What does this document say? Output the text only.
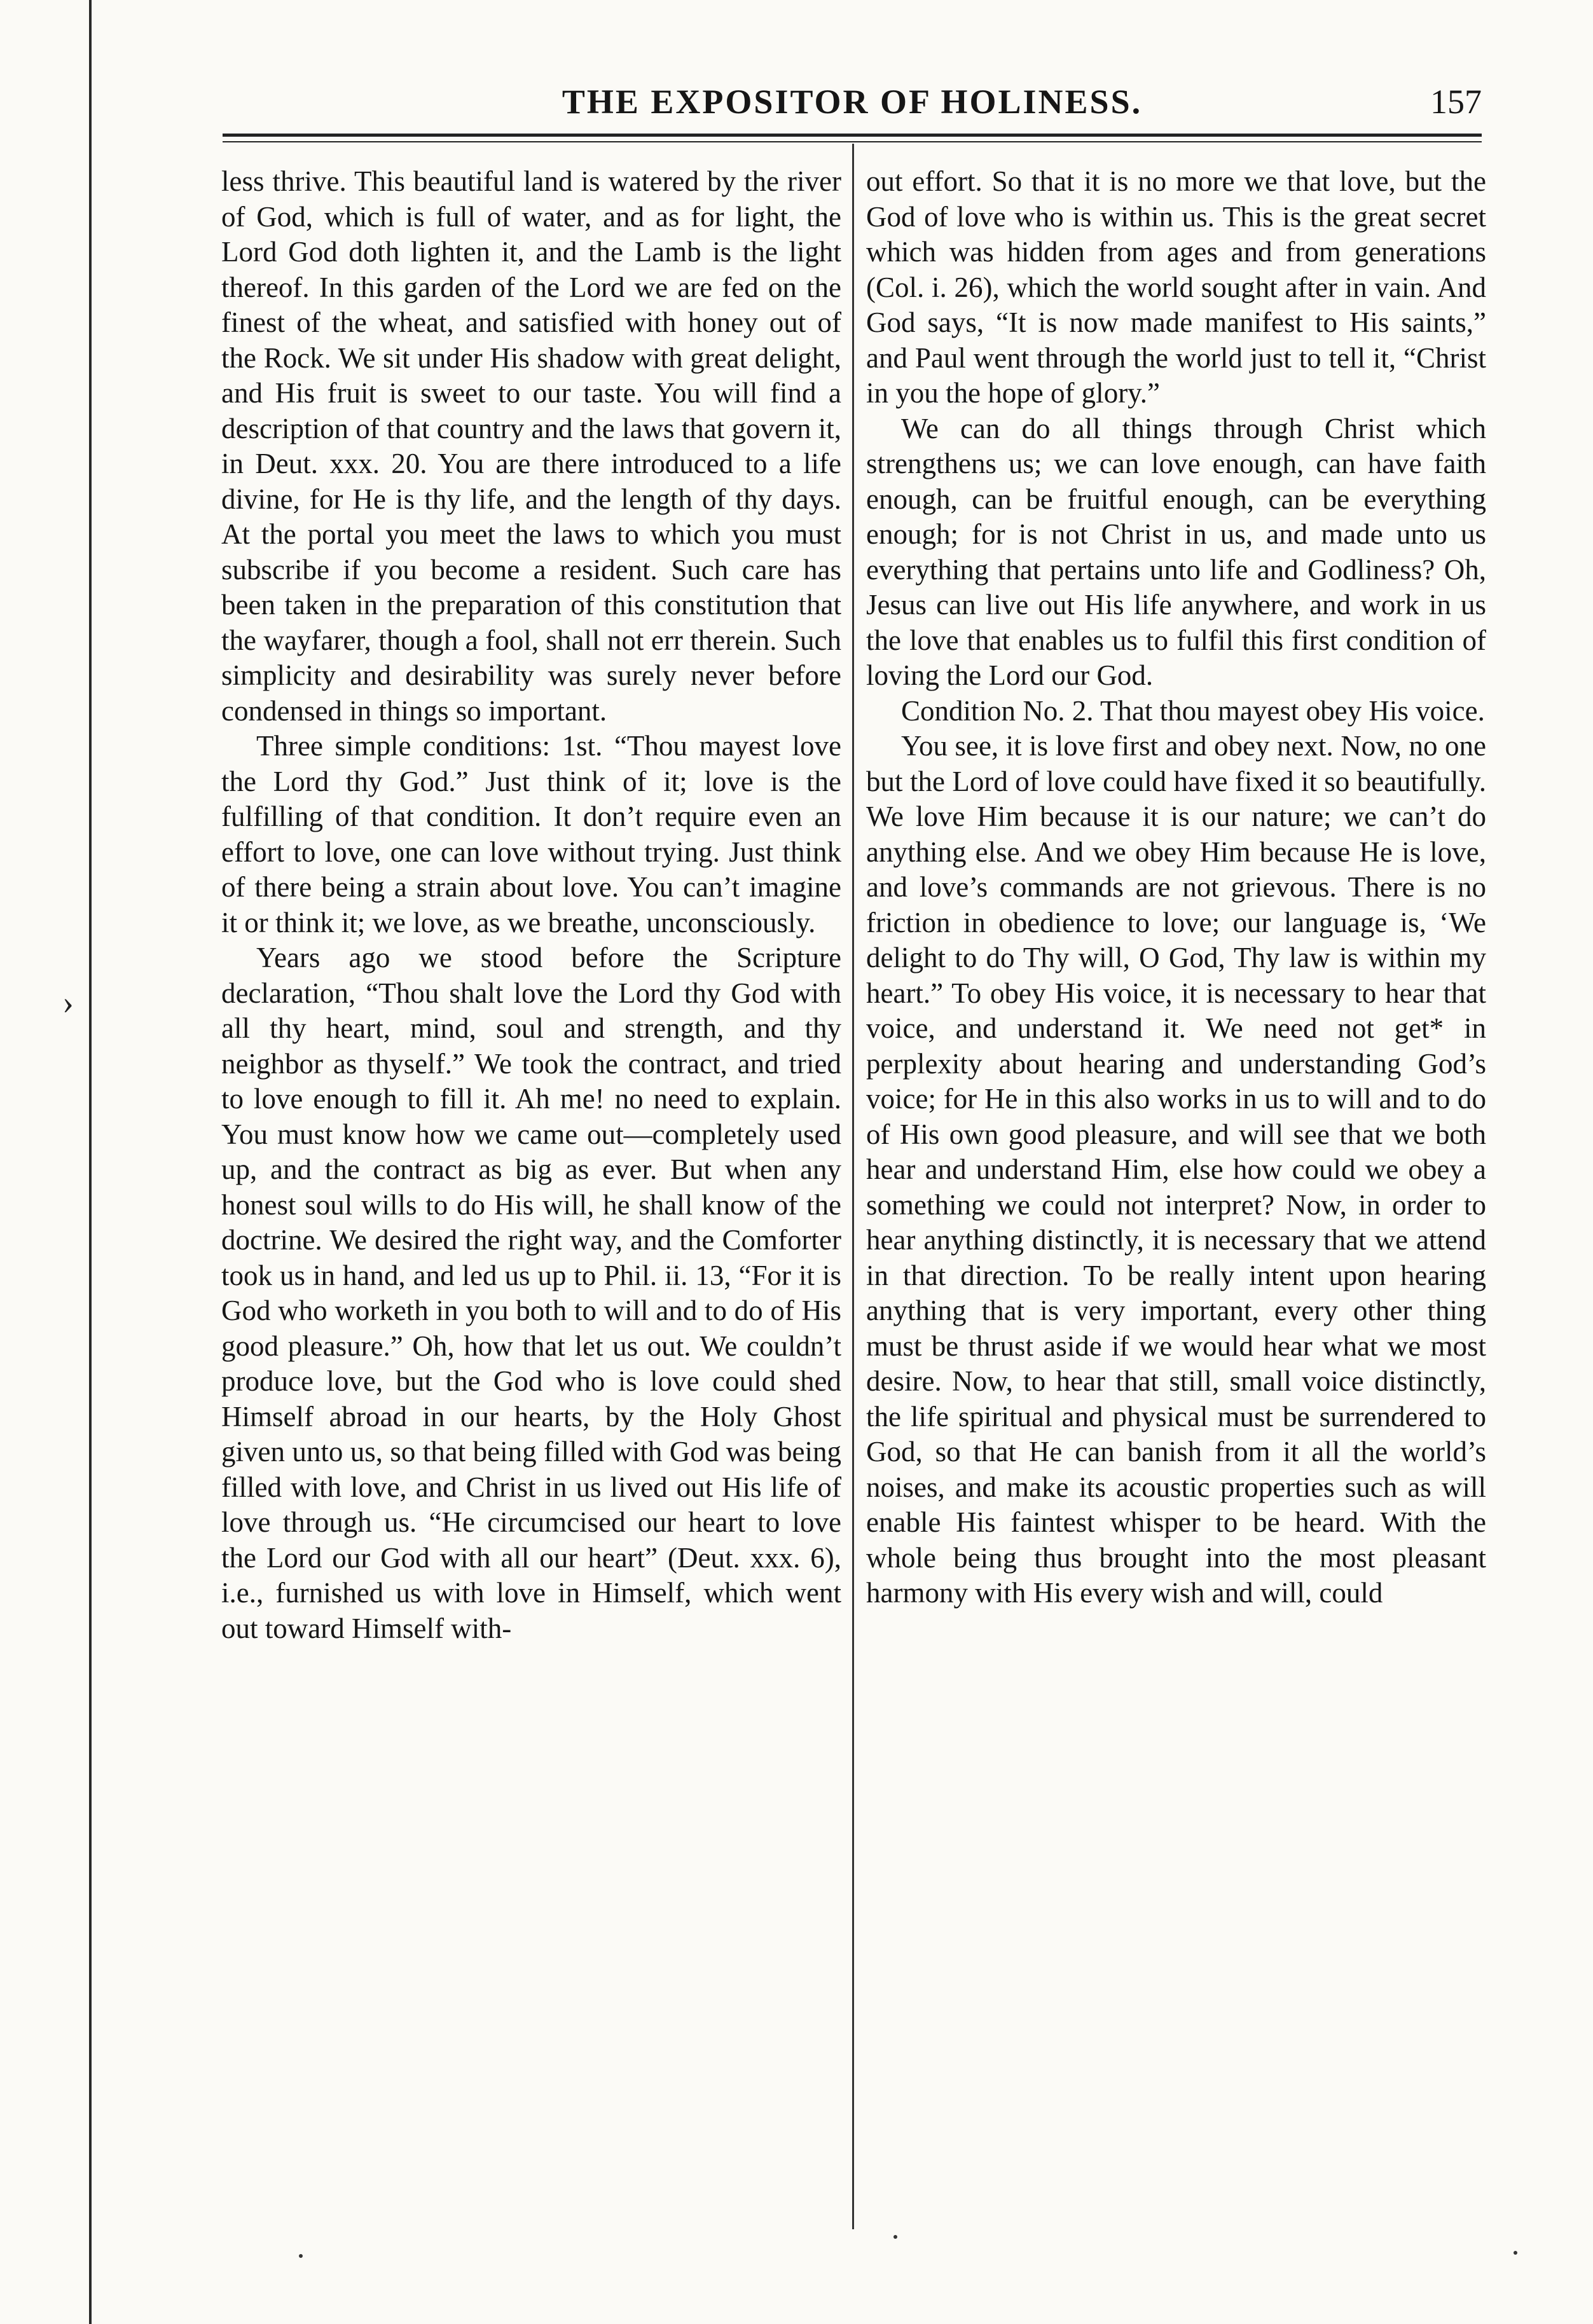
›
THE EXPOSITOR OF HOLINESS.	157

less thrive. This beautiful land is watered by the river of God, which is full of water, and as for light, the Lord God doth lighten it, and the Lamb is the light thereof. In this garden of the Lord we are fed on the finest of the wheat, and satisfied with honey out of the Rock. We sit under His shadow with great delight, and His fruit is sweet to our taste. You will find a description of that country and the laws that govern it, in Deut. xxx. 20. You are there introduced to a life divine, for He is thy life, and the length of thy days. At the portal you meet the laws to which you must subscribe if you become a resident. Such care has been taken in the preparation of this constitution that the wayfarer, though a fool, shall not err therein. Such simplicity and desirability was surely never before condensed in things so important.

Three simple conditions: 1st. “Thou mayest love the Lord thy God.” Just think of it; love is the fulfilling of that condition. It don’t require even an effort to love, one can love without trying. Just think of there being a strain about love. You can’t imagine it or think it; we love, as we breathe, unconsciously.

Years ago we stood before the Scripture declaration, “Thou shalt love the Lord thy God with all thy heart, mind, soul and strength, and thy neighbor as thyself.” We took the contract, and tried to love enough to fill it. Ah me! no need to explain. You must know how we came out—completely used up, and the contract as big as ever. But when any honest soul wills to do His will, he shall know of the doctrine. We desired the right way, and the Comforter took us in hand, and led us up to Phil. ii. 13, “For it is God who worketh in you both to will and to do of His good pleasure.” Oh, how that let us out. We couldn’t produce love, but the God who is love could shed Himself abroad in our hearts, by the Holy Ghost given unto us, so that being filled with God was being filled with love, and Christ in us lived out His life of love through us. “He circumcised our heart to love the Lord our God with all our heart” (Deut. xxx. 6), i.e., furnished us with love in Himself, which went out toward Himself with-

out effort. So that it is no more we that love, but the God of love who is within us. This is the great secret which was hidden from ages and from generations (Col. i. 26), which the world sought after in vain. And God says, “It is now made manifest to His saints,” and Paul went through the world just to tell it, “Christ in you the hope of glory.”

We can do all things through Christ which strengthens us; we can love enough, can have faith enough, can be fruitful enough, can be everything enough; for is not Christ in us, and made unto us everything that pertains unto life and Godliness? Oh, Jesus can live out His life anywhere, and work in us the love that enables us to fulfil this first condition of loving the Lord our God.

Condition No. 2. That thou mayest obey His voice.

You see, it is love first and obey next. Now, no one but the Lord of love could have fixed it so beautifully. We love Him because it is our nature; we can’t do anything else. And we obey Him because He is love, and love’s commands are not grievous. There is no friction in obedience to love; our language is, ‘We delight to do Thy will, O God, Thy law is within my heart.” To obey His voice, it is necessary to hear that voice, and understand it. We need not get* in perplexity about hearing and understanding God’s voice; for He in this also works in us to will and to do of His own good pleasure, and will see that we both hear and understand Him, else how could we obey a something we could not interpret? Now, in order to hear anything distinctly, it is necessary that we attend in that direction. To be really intent upon hearing anything that is very important, every other thing must be thrust aside if we would hear what we most desire. Now, to hear that still, small voice distinctly, the life spiritual and physical must be surrendered to God, so that He can banish from it all the world’s noises, and make its acoustic properties such as will enable His faintest whisper to be heard. With the whole being thus brought into the most pleasant harmony with His every wish and will, could
